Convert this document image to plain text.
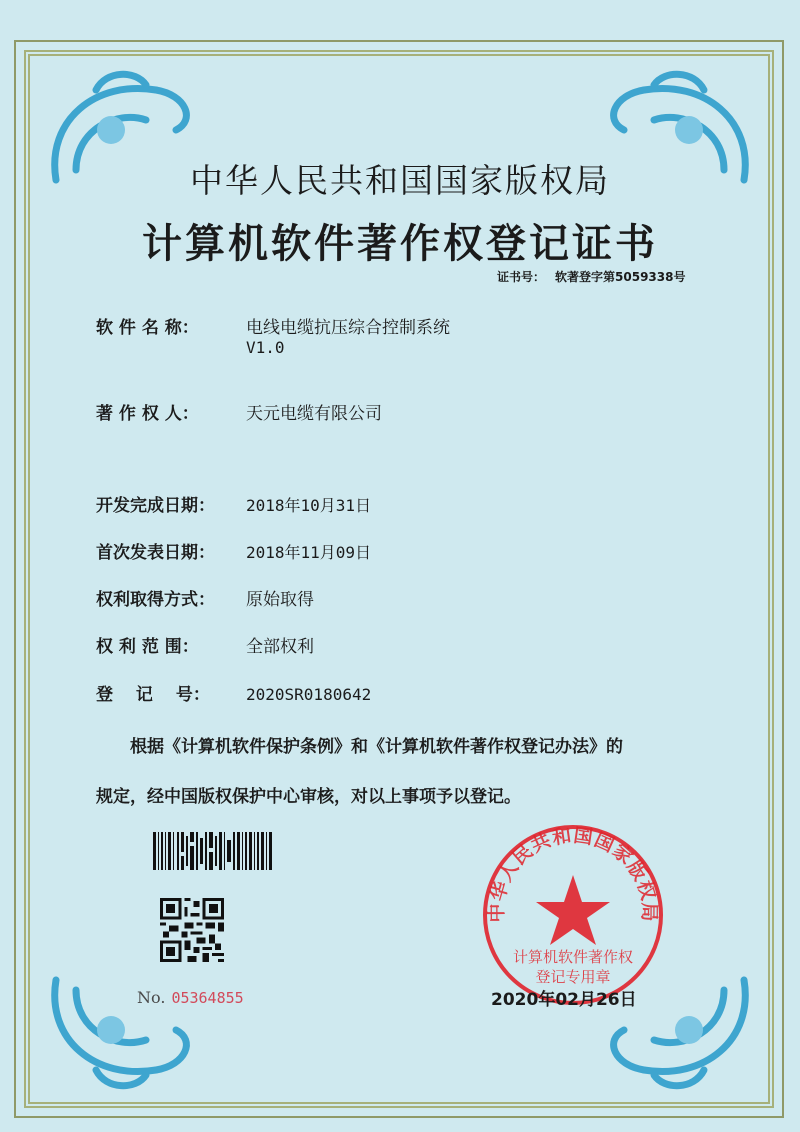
中华人民共和国国家版权局
计算机软件著作权登记证书
证书号： 软著登字第5059338号
软 件 名 称：	电线电缆抗压综合控制系统
V1.0
著 作 权 人：	天元电缆有限公司
开发完成日期： 2018年10月31日
首次发表日期： 2018年11月09日
权利取得方式： 原始取得
权 利 范 围：	全部权利
登　 记　 号： 2020SR0180642
根据《计算机软件保护条例》和《计算机软件著作权登记办法》的
规定，经中国版权保护中心审核，对以上事项予以登记。
No. 05364855
中华人民共和国国家版权局
计算机软件著作权
登记专用章
2020年02月26日
